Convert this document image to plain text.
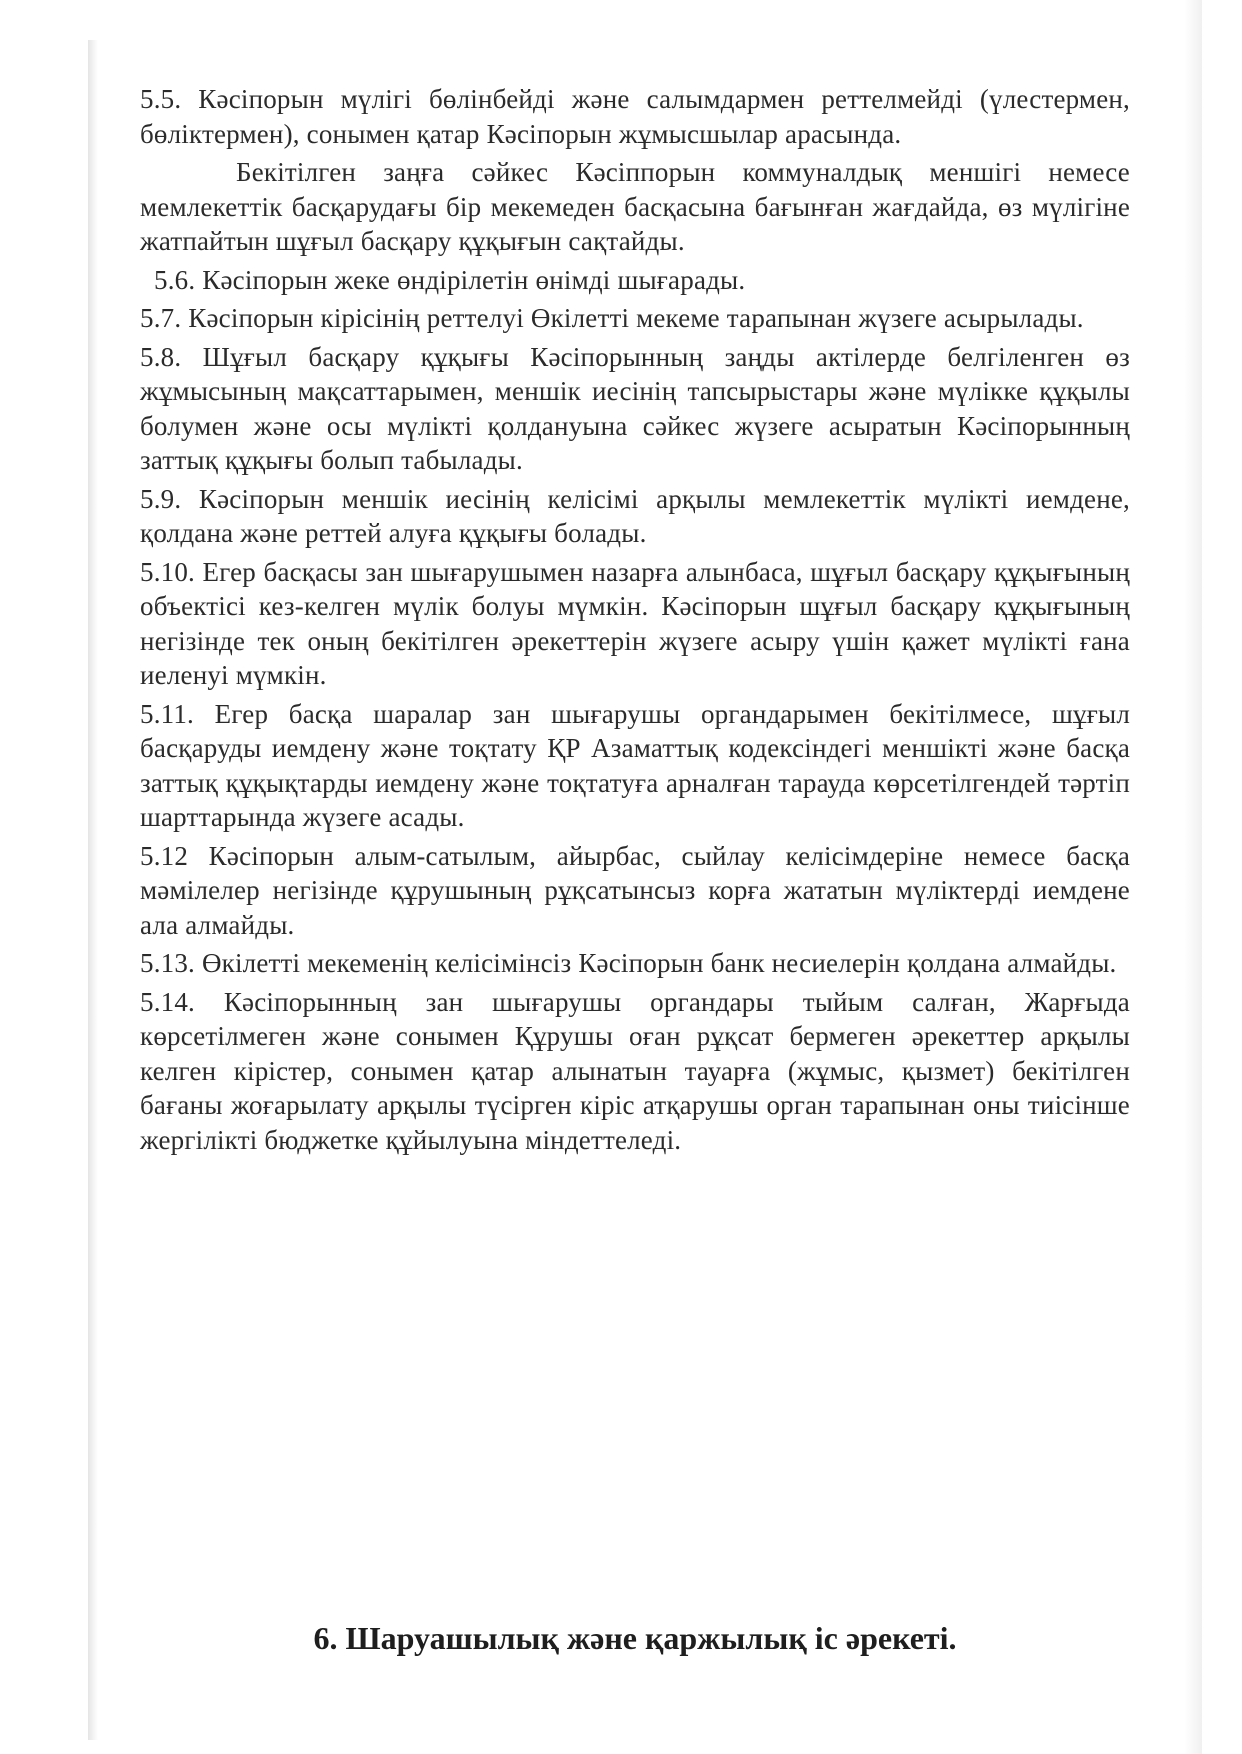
5.5. Кәсіпорын мүлігі бөлінбейді және салымдармен реттелмейді (үлестермен, бөліктермен), сонымен қатар Кәсіпорын жұмысшылар арасында.

Бекітілген заңға сәйкес Кәсіппорын коммуналдық меншігі немесе мемлекеттік басқарудағы бір мекемеден басқасына бағынған жағдайда, өз мүлігіне жатпайтын шұғыл басқару құқығын сақтайды.

5.6. Кәсіпорын жеке өндірілетін өнімді шығарады.

5.7. Кәсіпорын кірісінің реттелуі Өкілетті мекеме тарапынан жүзеге асырылады.

5.8. Шұғыл басқару құқығы Кәсіпорынның заңды актілерде белгіленген өз жұмысының мақсаттарымен, меншік иесінің тапсырыстары және мүлікке құқылы болумен және осы мүлікті қолдануына сәйкес жүзеге асыратын Кәсіпорынның заттық құқығы болып табылады.

5.9. Кәсіпорын меншік иесінің келісімі арқылы мемлекеттік мүлікті иемдене, қолдана және реттей алуға құқығы болады.

5.10. Егер басқасы зан шығарушымен назарға алынбаса, шұғыл басқару құқығының объектісі кез-келген мүлік болуы мүмкін. Кәсіпорын шұғыл басқару құқығының негізінде тек оның бекітілген әрекеттерін жүзеге асыру үшін қажет мүлікті ғана иеленуі мүмкін.

5.11. Егер басқа шаралар зан шығарушы органдарымен бекітілмесе, шұғыл басқаруды иемдену және тоқтату ҚР Азаматтық кодексіндегі меншікті және басқа заттық құқықтарды иемдену және тоқтатуға арналған тарауда көрсетілгендей тәртіп шарттарында жүзеге асады.

5.12 Кәсіпорын алым-сатылым, айырбас, сыйлау келісімдеріне немесе басқа мәмілелер негізінде құрушының рұқсатынсыз корға жататын мүліктерді иемдене ала алмайды.

5.13. Өкілетті мекеменің келісімінсіз Кәсіпорын банк несиелерін қолдана алмайды.

5.14. Кәсіпорынның зан шығарушы органдары тыйым салған, Жарғыда көрсетілмеген және сонымен Құрушы оған рұқсат бермеген әрекеттер арқылы келген кірістер, сонымен қатар алынатын тауарға (жұмыс, қызмет) бекітілген бағаны жоғарылату арқылы түсірген кіріс атқарушы орган тарапынан оны тиісінше жергілікті бюджетке құйылуына міндеттеледі.

6. Шаруашылық және қаржылық іс әрекеті.
